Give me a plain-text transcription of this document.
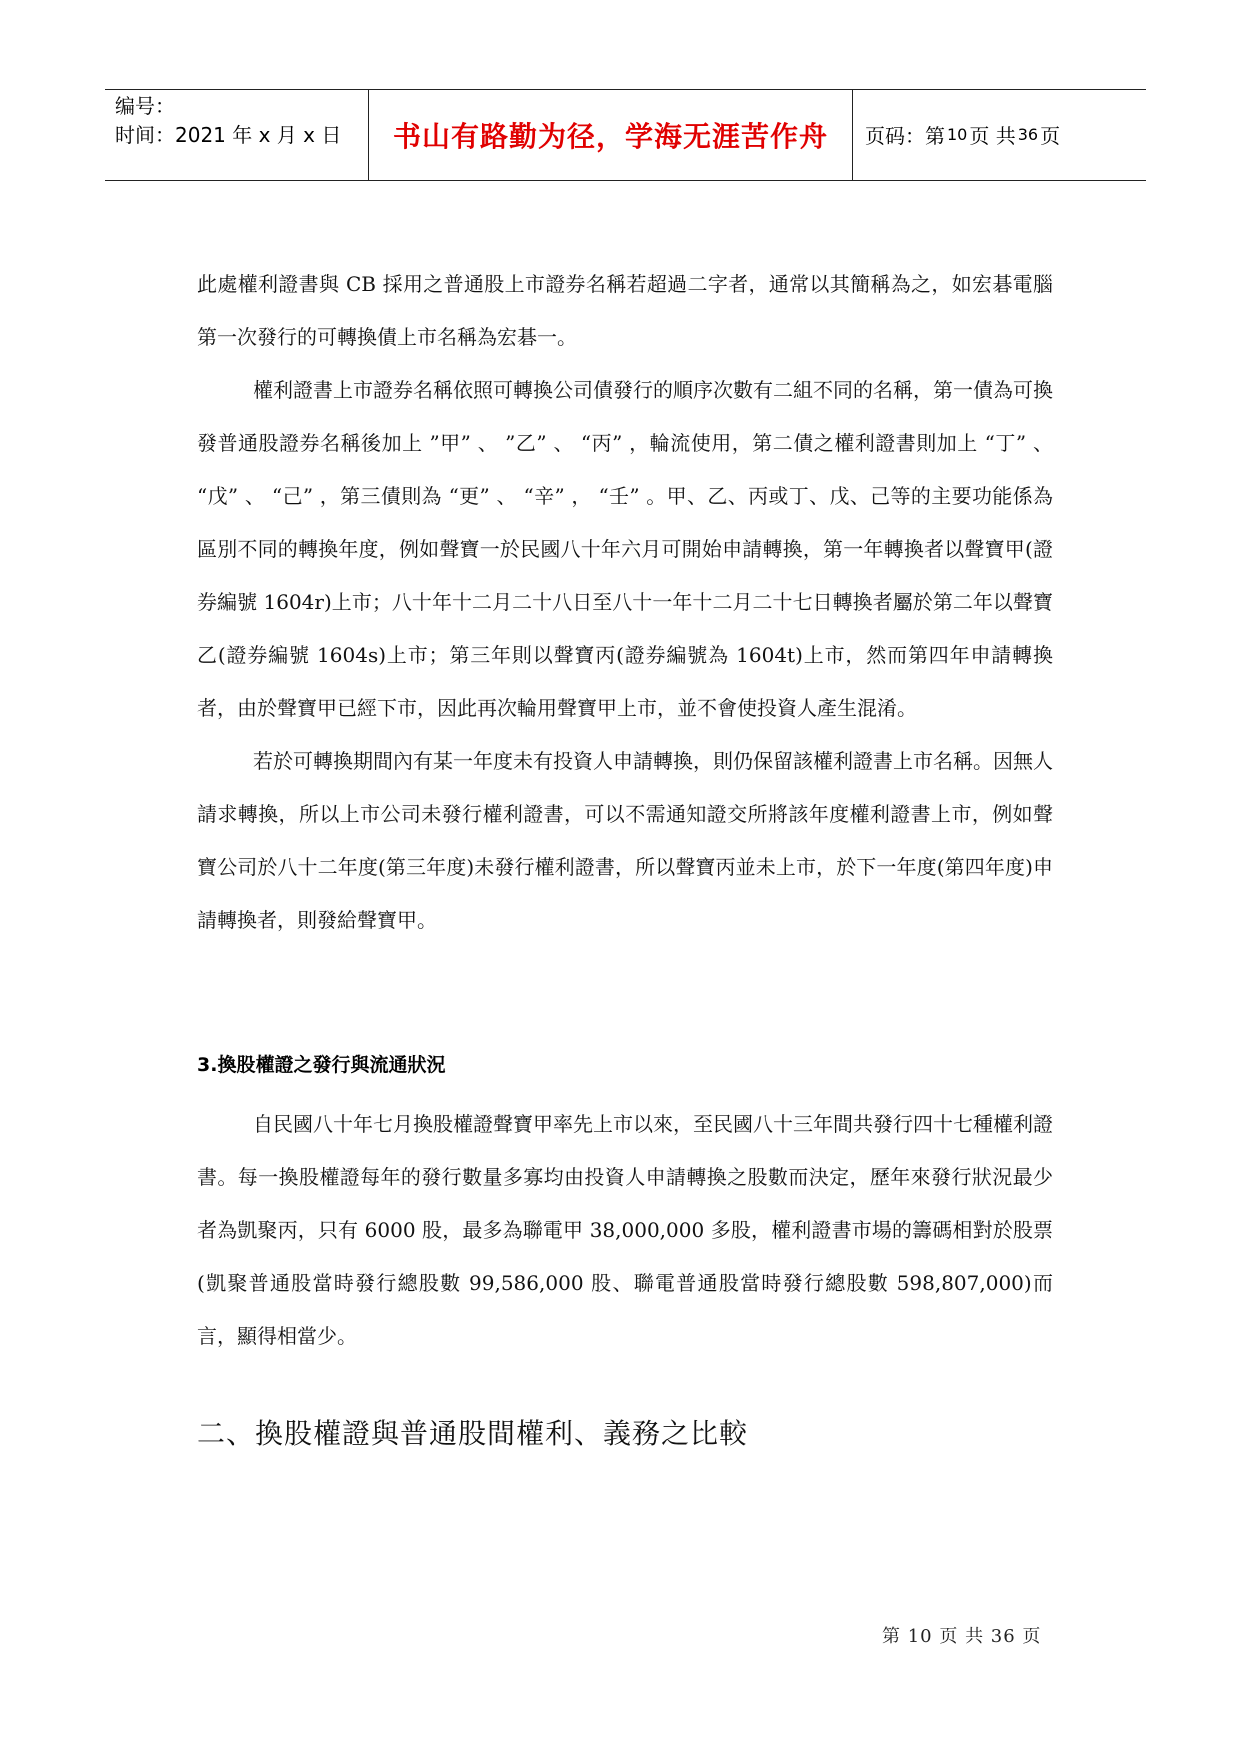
编号：
时间：2021 年 x 月 x 日	书山有路勤为径，学海无涯苦作舟	页码：第 10 页 共 36 页

此處權利證書與 CB 採用之普通股上市證券名稱若超過二字者，通常以其簡稱為之，如宏碁電腦第一次發行的可轉換債上市名稱為宏碁一。

權利證書上市證券名稱依照可轉換公司債發行的順序次數有二組不同的名稱，第一債為可換發普通股證券名稱後加上 ”甲” 、 ”乙” 、 “丙” ，輪流使用，第二債之權利證書則加上 “丁” 、 “戊” 、 “己” ，第三債則為 “更” 、 “辛” ， “壬” 。甲、乙、丙或丁、戊、己等的主要功能係為區別不同的轉換年度，例如聲寶一於民國八十年六月可開始申請轉換，第一年轉換者以聲寶甲(證券編號 1604r)上市；八十年十二月二十八日至八十一年十二月二十七日轉換者屬於第二年以聲寶乙(證券編號 1604s)上市；第三年則以聲寶丙(證券編號為 1604t)上市，然而第四年申請轉換者，由於聲寶甲已經下市，因此再次輪用聲寶甲上市，並不會使投資人產生混淆。

若於可轉換期間內有某一年度未有投資人申請轉換，則仍保留該權利證書上市名稱。因無人請求轉換，所以上市公司未發行權利證書，可以不需通知證交所將該年度權利證書上市，例如聲寶公司於八十二年度(第三年度)未發行權利證書，所以聲寶丙並未上市，於下一年度(第四年度)申請轉換者，則發給聲寶甲。

3.換股權證之發行與流通狀況

自民國八十年七月換股權證聲寶甲率先上市以來，至民國八十三年間共發行四十七種權利證書。每一換股權證每年的發行數量多寡均由投資人申請轉換之股數而決定，歷年來發行狀況最少者為凱聚丙，只有 6000 股，最多為聯電甲 38,000,000 多股，權利證書市場的籌碼相對於股票(凱聚普通股當時發行總股數 99,586,000 股、聯電普通股當時發行總股數 598,807,000)而言，顯得相當少。

二、換股權證與普通股間權利、義務之比較
第 10 页 共 36 页
